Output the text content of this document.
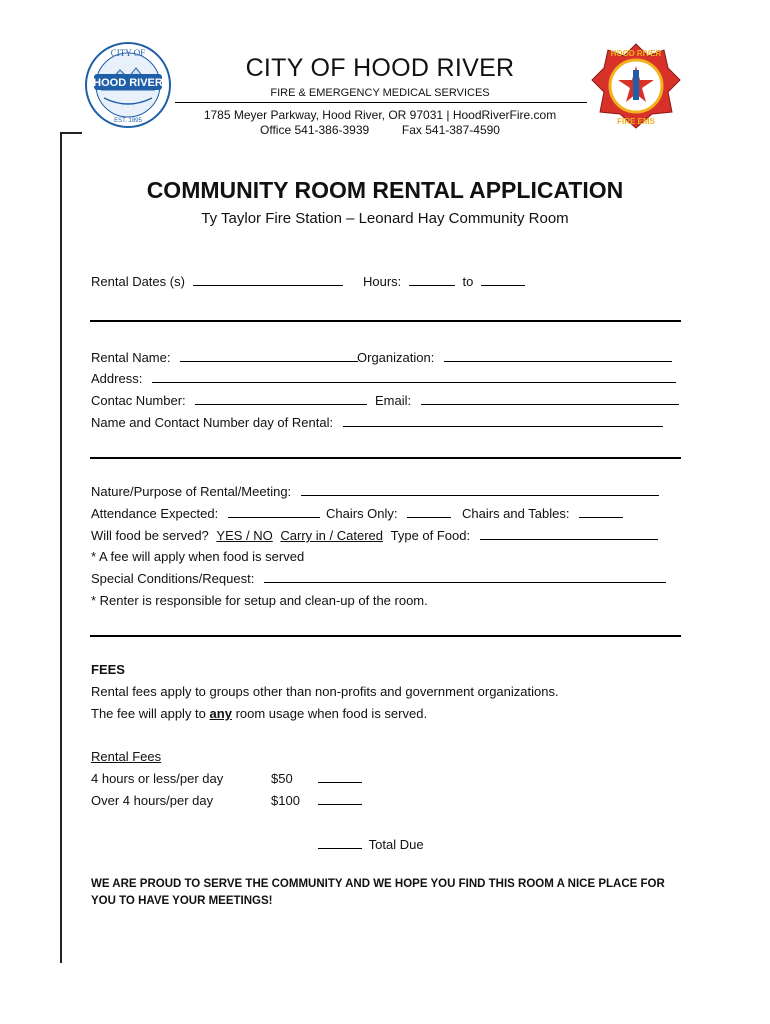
HOOD RIVER
CITY OF
EST. 1895
HOOD RIVER
FIRE EMS
CITY OF HOOD RIVER
FIRE & EMERGENCY MEDICAL SERVICES
1785 Meyer Parkway, Hood River, OR 97031 | HoodRiverFire.com
Office 541-386-3939	Fax 541-387-4590
COMMUNITY ROOM RENTAL APPLICATION
Ty Taylor Fire Station – Leonard Hay Community Room
Rental Dates (s)	Hours:	to
Rental Name:	Organization:
Address:
Contac Number:	Email:
Name and Contact Number day of Rental:
Nature/Purpose of Rental/Meeting:
Attendance Expected:	Chairs Only:	Chairs and Tables:
Will food be served? YES / NO Carry in / Catered Type of Food:
* A fee will apply when food is served
Special Conditions/Request:
* Renter is responsible for setup and clean-up of the room.
FEES
Rental fees apply to groups other than non-profits and government organizations.
The fee will apply to any room usage when food is served.
Rental Fees
4 hours or less/per day	$50
Over 4 hours/per day	$100
Total Due
WE ARE PROUD TO SERVE THE COMMUNITY AND WE HOPE YOU FIND THIS ROOM A NICE PLACE FOR
YOU TO HAVE YOUR MEETINGS!
